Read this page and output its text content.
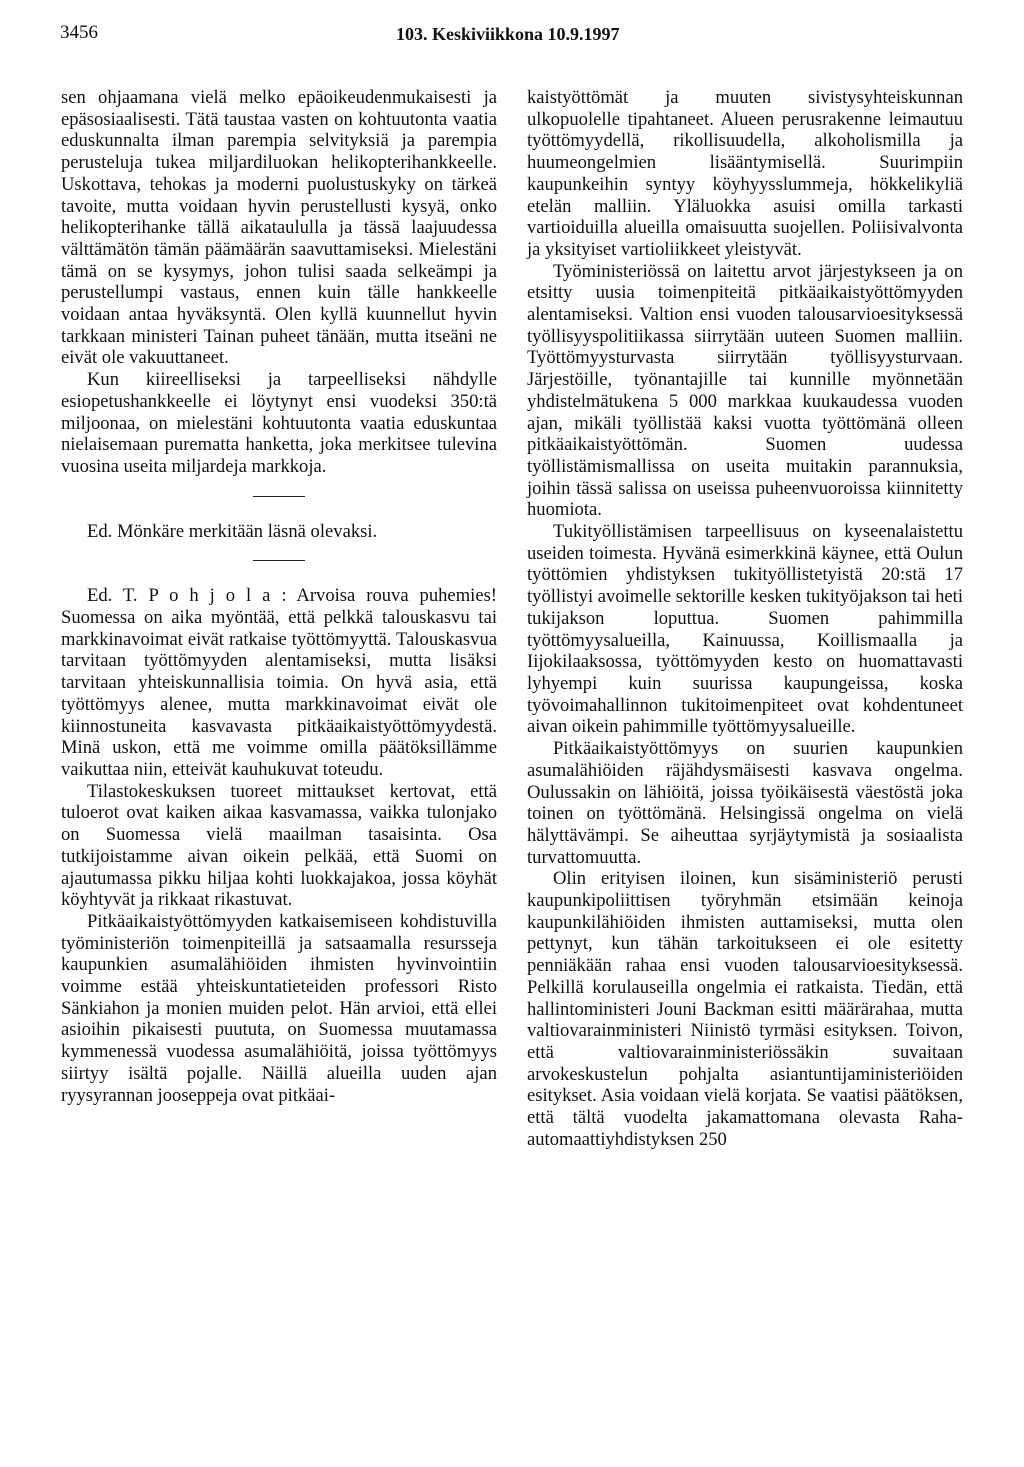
3456	103. Keskiviikkona 10.9.1997

sen ohjaamana vielä melko epäoikeudenmukaisesti ja epäsosiaalisesti. Tätä taustaa vasten on kohtuutonta vaatia eduskunnalta ilman parempia selvityksiä ja parempia perusteluja tukea miljardiluokan helikopterihankkeelle. Uskottava, tehokas ja moderni puolustuskyky on tärkeä tavoite, mutta voidaan hyvin perustellusti kysyä, onko helikopterihanke tällä aikataululla ja tässä laajuudessa välttämätön tämän päämäärän saavuttamiseksi. Mielestäni tämä on se kysymys, johon tulisi saada selkeämpi ja perustellumpi vastaus, ennen kuin tälle hankkeelle voidaan antaa hyväksyntä. Olen kyllä kuunnellut hyvin tarkkaan ministeri Tainan puheet tänään, mutta itseäni ne eivät ole vakuuttaneet.

Kun kiireelliseksi ja tarpeelliseksi nähdylle esiopetushankkeelle ei löytynyt ensi vuodeksi 350:tä miljoonaa, on mielestäni kohtuutonta vaatia eduskuntaa nielaisemaan purematta hanketta, joka merkitsee tulevina vuosina useita miljardeja markkoja.

Ed. Mönkäre merkitään läsnä olevaksi.

Ed. T. P o h j o l a : Arvoisa rouva puhemies! Suomessa on aika myöntää, että pelkkä talouskasvu tai markkinavoimat eivät ratkaise työttömyyttä. Talouskasvua tarvitaan työttömyyden alentamiseksi, mutta lisäksi tarvitaan yhteiskunnallisia toimia. On hyvä asia, että työttömyys alenee, mutta markkinavoimat eivät ole kiinnostuneita kasvavasta pitkäaikaistyöttömyydestä. Minä uskon, että me voimme omilla päätöksillämme vaikuttaa niin, etteivät kauhukuvat toteudu.

Tilastokeskuksen tuoreet mittaukset kertovat, että tuloerot ovat kaiken aikaa kasvamassa, vaikka tulonjako on Suomessa vielä maailman tasaisinta. Osa tutkijoistamme aivan oikein pelkää, että Suomi on ajautumassa pikku hiljaa kohti luokkajakoa, jossa köyhät köyhtyvät ja rikkaat rikastuvat.

Pitkäaikaistyöttömyyden katkaisemiseen kohdistuvilla työministeriön toimenpiteillä ja satsaamalla resursseja kaupunkien asumalähiöiden ihmisten hyvinvointiin voimme estää yhteiskuntatieteiden professori Risto Sänkiahon ja monien muiden pelot. Hän arvioi, että ellei asioihin pikaisesti puututa, on Suomessa muutamassa kymmenessä vuodessa asumalähiöitä, joissa työttömyys siirtyy isältä pojalle. Näillä alueilla uuden ajan ryysyrannan jooseppeja ovat pitkäai-

kaistyöttömät ja muuten sivistysyhteiskunnan ulkopuolelle tipahtaneet. Alueen perusrakenne leimautuu työttömyydellä, rikollisuudella, alkoholismilla ja huumeongelmien lisääntymisellä. Suurimpiin kaupunkeihin syntyy köyhyysslummeja, hökkelikyliä etelän malliin. Yläluokka asuisi omilla tarkasti vartioiduilla alueilla omaisuutta suojellen. Poliisivalvonta ja yksityiset vartioliikkeet yleistyvät.

Työministeriössä on laitettu arvot järjestykseen ja on etsitty uusia toimenpiteitä pitkäaikaistyöttömyyden alentamiseksi. Valtion ensi vuoden talousarvioesityksessä työllisyyspolitiikassa siirrytään uuteen Suomen malliin. Työttömyysturvasta siirrytään työllisyysturvaan. Järjestöille, työnantajille tai kunnille myönnetään yhdistelmätukena 5 000 markkaa kuukaudessa vuoden ajan, mikäli työllistää kaksi vuotta työttömänä olleen pitkäaikaistyöttömän. Suomen uudessa työllistämismallissa on useita muitakin parannuksia, joihin tässä salissa on useissa puheenvuoroissa kiinnitetty huomiota.

Tukityöllistämisen tarpeellisuus on kyseenalaistettu useiden toimesta. Hyvänä esimerkkinä käynee, että Oulun työttömien yhdistyksen tukityöllistetyistä 20:stä 17 työllistyi avoimelle sektorille kesken tukityöjakson tai heti tukijakson loputtua. Suomen pahimmilla työttömyysalueilla, Kainuussa, Koillismaalla ja Iijokilaaksossa, työttömyyden kesto on huomattavasti lyhyempi kuin suurissa kaupungeissa, koska työvoimahallinnon tukitoimenpiteet ovat kohdentuneet aivan oikein pahimmille työttömyysalueille.

Pitkäaikaistyöttömyys on suurien kaupunkien asumalähiöiden räjähdysmäisesti kasvava ongelma. Oulussakin on lähiöitä, joissa työikäisestä väestöstä joka toinen on työttömänä. Helsingissä ongelma on vielä hälyttävämpi. Se aiheuttaa syrjäytymistä ja sosiaalista turvattomuutta.

Olin erityisen iloinen, kun sisäministeriö perusti kaupunkipoliittisen työryhmän etsimään keinoja kaupunkilähiöiden ihmisten auttamiseksi, mutta olen pettynyt, kun tähän tarkoitukseen ei ole esitetty penniäkään rahaa ensi vuoden talousarvioesityksessä. Pelkillä korulauseilla ongelmia ei ratkaista. Tiedän, että hallintoministeri Jouni Backman esitti määrärahaa, mutta valtiovarainministeri Niinistö tyrmäsi esityksen. Toivon, että valtiovarainministeriössäkin suvaitaan arvokeskustelun pohjalta asiantuntijaministeriöiden esitykset. Asia voidaan vielä korjata. Se vaatisi päätöksen, että tältä vuodelta jakamattomana olevasta Raha-automaattiyhdistyksen 250
